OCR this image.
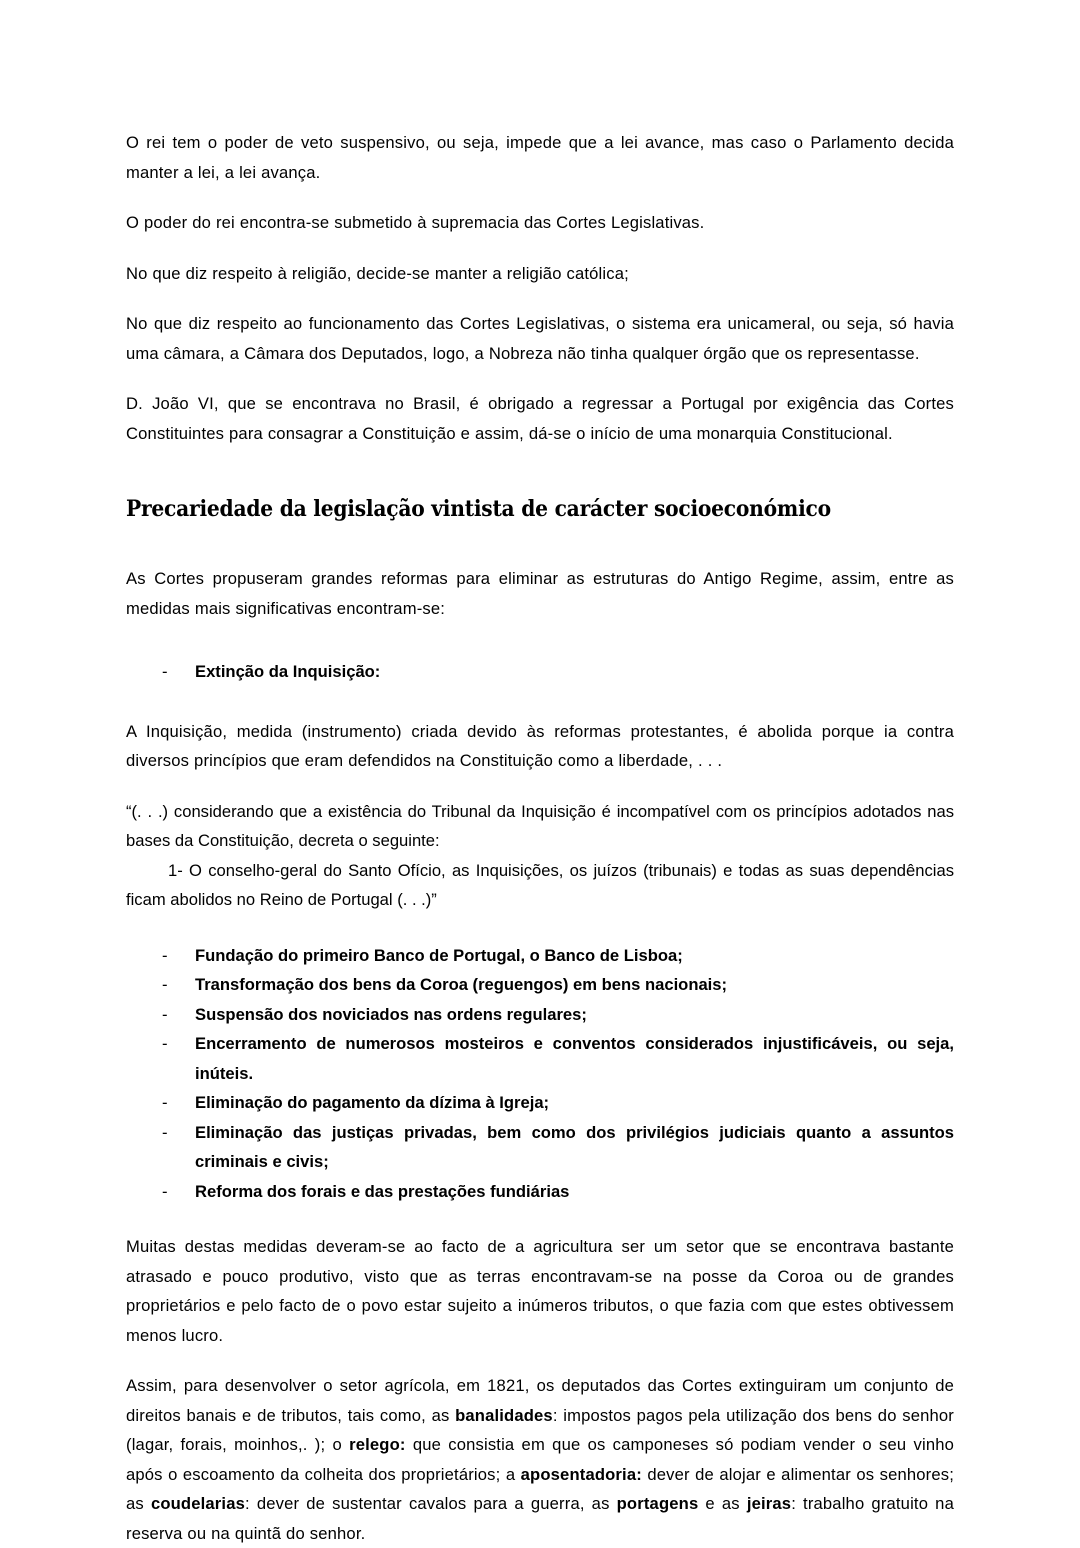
O rei tem o poder de veto suspensivo, ou seja, impede que a lei avance, mas caso o Parlamento decida manter a lei, a lei avança.

O poder do rei encontra-se submetido à supremacia das Cortes Legislativas.

No que diz respeito à religião, decide-se manter a religião católica;

No que diz respeito ao funcionamento das Cortes Legislativas, o sistema era unicameral, ou seja, só havia uma câmara, a Câmara dos Deputados, logo, a Nobreza não tinha qualquer órgão que os representasse.

D. João VI, que se encontrava no Brasil, é obrigado a regressar a Portugal por exigência das Cortes Constituintes para consagrar a Constituição e assim, dá-se o início de uma monarquia Constitucional.

Precariedade da legislação vintista de carácter socioeconómico

As Cortes propuseram grandes reformas para eliminar as estruturas do Antigo Regime, assim, entre as medidas mais significativas encontram-se:

- Extinção da Inquisição:

A Inquisição, medida (instrumento) criada devido às reformas protestantes, é abolida porque ia contra diversos princípios que eram defendidos na Constituição como a liberdade, . . .

“(. . .) considerando que a existência do Tribunal da Inquisição é incompatível com os princípios adotados nas bases da Constituição, decreta o seguinte:

1- O conselho-geral do Santo Ofício, as Inquisições, os juízos (tribunais) e todas as suas dependências ficam abolidos no Reino de Portugal (. . .)”

- Fundação do primeiro Banco de Portugal, o Banco de Lisboa;
- Transformação dos bens da Coroa (reguengos) em bens nacionais;
- Suspensão dos noviciados nas ordens regulares;
- Encerramento de numerosos mosteiros e conventos considerados injustificáveis, ou seja, inúteis.
- Eliminação do pagamento da dízima à Igreja;
- Eliminação das justiças privadas, bem como dos privilégios judiciais quanto a assuntos criminais e civis;
- Reforma dos forais e das prestações fundiárias

Muitas destas medidas deveram-se ao facto de a agricultura ser um setor que se encontrava bastante atrasado e pouco produtivo, visto que as terras encontravam-se na posse da Coroa ou de grandes proprietários e pelo facto de o povo estar sujeito a inúmeros tributos, o que fazia com que estes obtivessem menos lucro.

Assim, para desenvolver o setor agrícola, em 1821, os deputados das Cortes extinguiram um conjunto de direitos banais e de tributos, tais como, as banalidades: impostos pagos pela utilização dos bens do senhor (lagar, forais, moinhos,. ); o relego: que consistia em que os camponeses só podiam vender o seu vinho após o escoamento da colheita dos proprietários; a aposentadoria: dever de alojar e alimentar os senhores; as coudelarias: dever de sustentar cavalos para a guerra, as portagens e as jeiras: trabalho gratuito na reserva ou na quintã do senhor.
